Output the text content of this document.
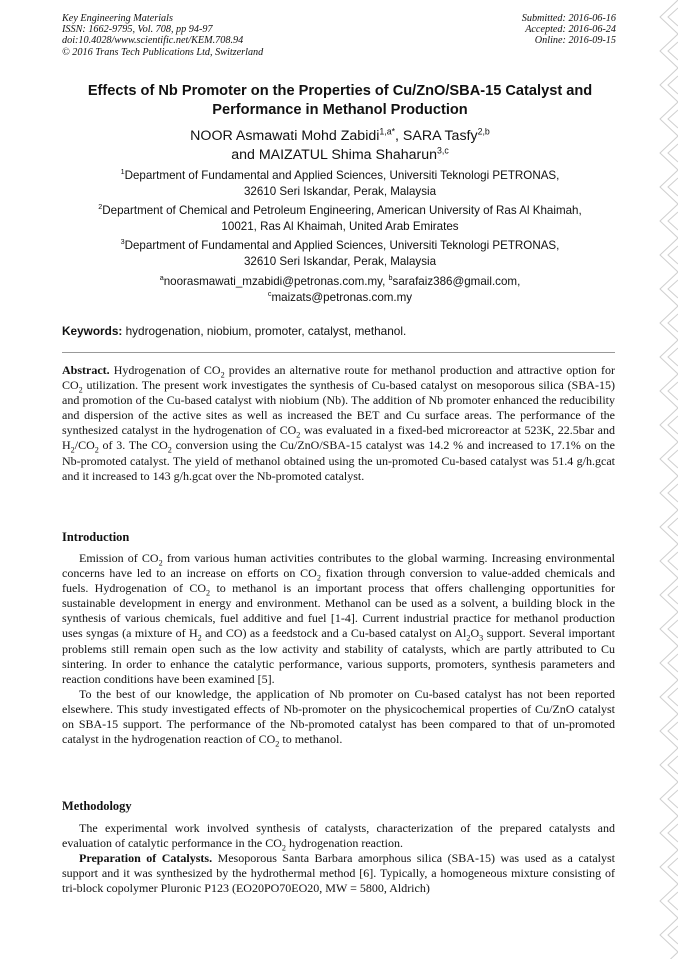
Key Engineering Materials
ISSN: 1662-9795, Vol. 708, pp 94-97
doi:10.4028/www.scientific.net/KEM.708.94
© 2016 Trans Tech Publications Ltd, Switzerland
Submitted: 2016-06-16
Accepted: 2016-06-24
Online: 2016-09-15
Effects of Nb Promoter on the Properties of Cu/ZnO/SBA-15 Catalyst and
Performance in Methanol Production
NOOR Asmawati Mohd Zabidi$^{1,a*}$, SARA Tasfy$^{2,b}$
and MAIZATUL Shima Shaharun$^{3,c}$
$^1$Department of Fundamental and Applied Sciences, Universiti Teknologi PETRONAS,
32610 Seri Iskandar, Perak, Malaysia
$^2$Department of Chemical and Petroleum Engineering, American University of Ras Al Khaimah,
10021, Ras Al Khaimah, United Arab Emirates
$^3$Department of Fundamental and Applied Sciences, Universiti Teknologi PETRONAS,
32610 Seri Iskandar, Perak, Malaysia
$^a$noorasmawati_mzabidi@petronas.com.my, $^b$sarafaiz386@gmail.com,
$^c$maizats@petronas.com.my
Keywords: hydrogenation, niobium, promoter, catalyst, methanol.

Abstract. Hydrogenation of $CO_2$ provides an alternative route for methanol production and attractive option for $CO_2$ utilization. The present work investigates the synthesis of Cu-based catalyst on mesoporous silica (SBA-15) and promotion of the Cu-based catalyst with niobium (Nb). The addition of Nb promoter enhanced the reducibility and dispersion of the active sites as well as increased the BET and Cu surface areas. The performance of the synthesized catalyst in the hydrogenation of $CO_2$ was evaluated in a fixed-bed microreactor at 523K, 22.5bar and $H_2/CO_2$ of 3. The $CO_2$ conversion using the Cu/ZnO/SBA-15 catalyst was 14.2 % and increased to 17.1% on the Nb-promoted catalyst. The yield of methanol obtained using the un-promoted Cu-based catalyst was 51.4 g/h.gcat and it increased to 143 g/h.gcat over the Nb-promoted catalyst.

Introduction

Emission of $CO_2$ from various human activities contributes to the global warming. Increasing environmental concerns have led to an increase on efforts on $CO_2$ fixation through conversion to value-added chemicals and fuels. Hydrogenation of $CO_2$ to methanol is an important process that offers challenging opportunities for sustainable development in energy and environment. Methanol can be used as a solvent, a building block in the synthesis of various chemicals, fuel additive and fuel [1-4]. Current industrial practice for methanol production uses syngas (a mixture of $H_2$ and CO) as a feedstock and a Cu-based catalyst on $Al_2O_3$ support. Several important problems still remain open such as the low activity and stability of catalysts, which are partly attributed to Cu sintering. In order to enhance the catalytic performance, various supports, promoters, synthesis parameters and reaction conditions have been examined [5].

To the best of our knowledge, the application of Nb promoter on Cu-based catalyst has not been reported elsewhere. This study investigated effects of Nb-promoter on the physicochemical properties of Cu/ZnO catalyst on SBA-15 support. The performance of the Nb-promoted catalyst has been compared to that of un-promoted catalyst in the hydrogenation reaction of $CO_2$ to methanol.

Methodology

The experimental work involved synthesis of catalysts, characterization of the prepared catalysts and evaluation of catalytic performance in the $CO_2$ hydrogenation reaction.

Preparation of Catalysts. Mesoporous Santa Barbara amorphous silica (SBA-15) was used as a catalyst support and it was synthesized by the hydrothermal method [6]. Typically, a homogeneous mixture consisting of tri-block copolymer Pluronic P123 (EO20PO70EO20, MW = 5800, Aldrich)
